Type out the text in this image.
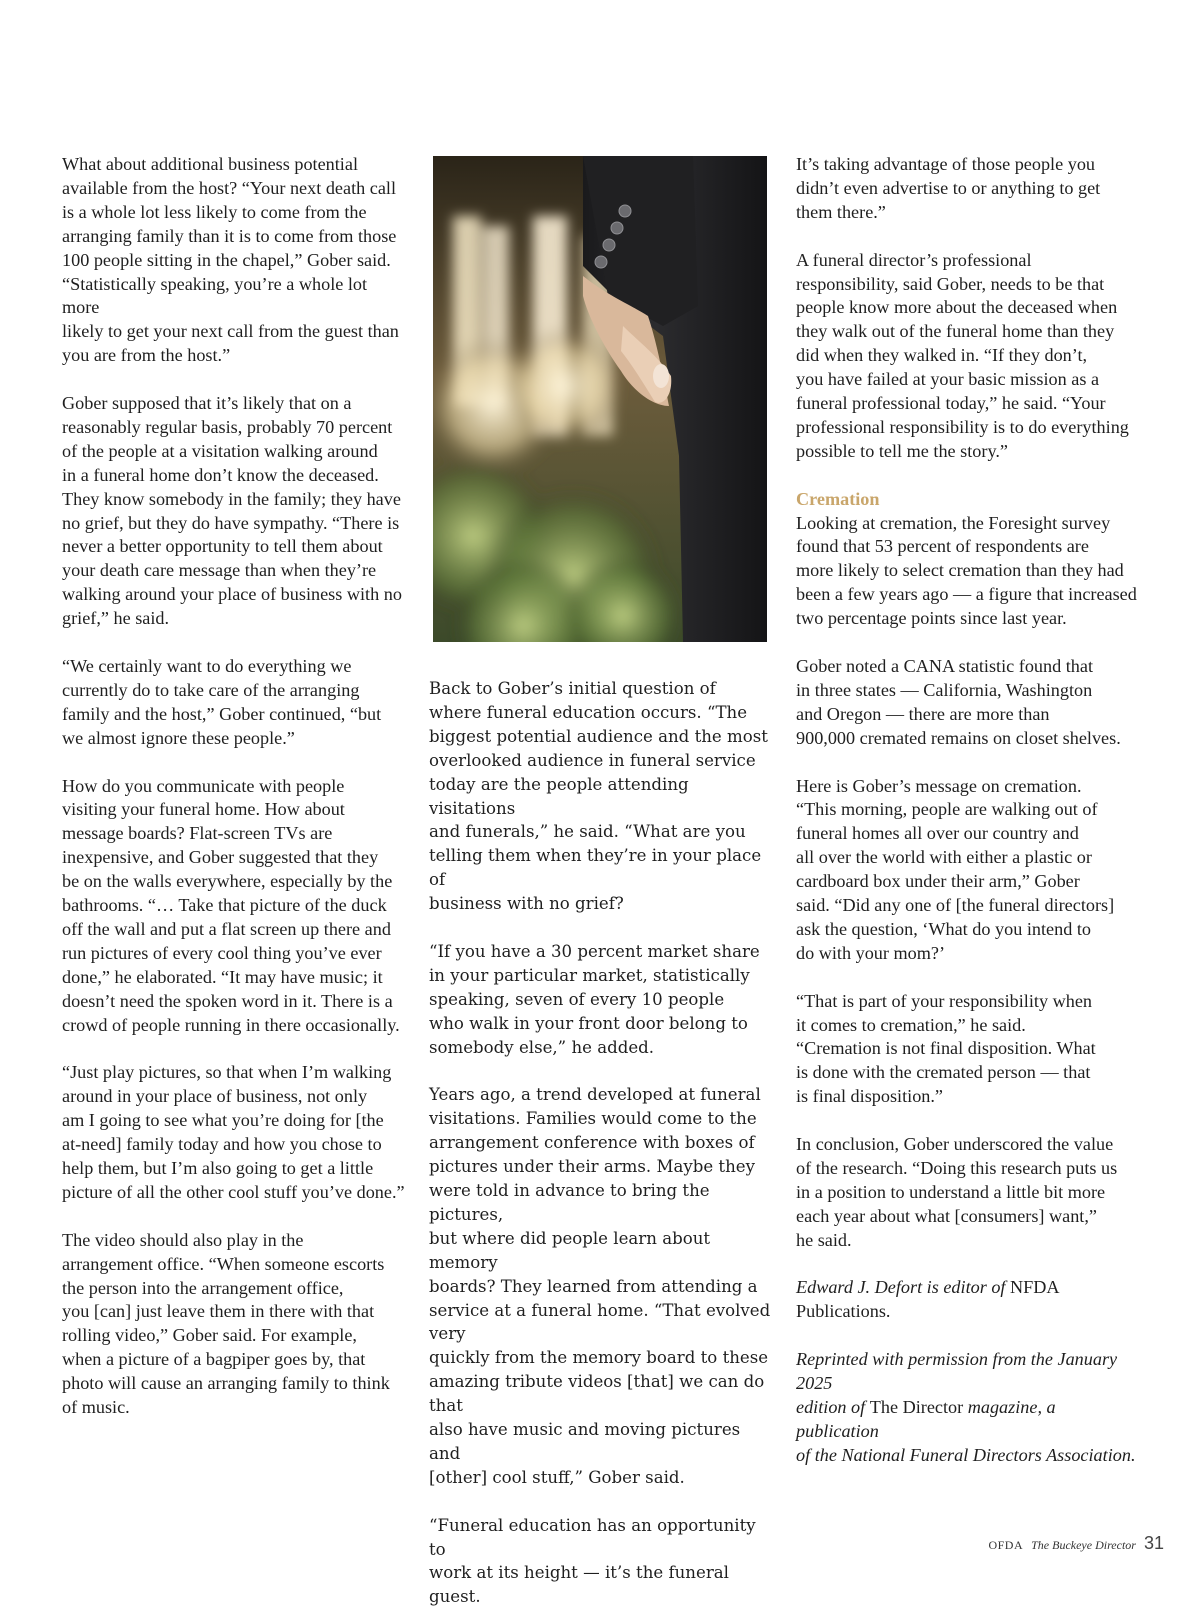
What about additional business potential
available from the host? “Your next death call
is a whole lot less likely to come from the
arranging family than it is to come from those
100 people sitting in the chapel,” Gober said.
“Statistically speaking, you’re a whole lot more
likely to get your next call from the guest than
you are from the host.”

Gober supposed that it’s likely that on a
reasonably regular basis, probably 70 percent
of the people at a visitation walking around
in a funeral home don’t know the deceased.
They know somebody in the family; they have
no grief, but they do have sympathy. “There is
never a better opportunity to tell them about
your death care message than when they’re
walking around your place of business with no
grief,” he said.

“We certainly want to do everything we
currently do to take care of the arranging
family and the host,” Gober continued, “but
we almost ignore these people.”

How do you communicate with people
visiting your funeral home. How about
message boards? Flat-screen TVs are
inexpensive, and Gober suggested that they
be on the walls everywhere, especially by the
bathrooms. “… Take that picture of the duck
off the wall and put a flat screen up there and
run pictures of every cool thing you’ve ever
done,” he elaborated. “It may have music; it
doesn’t need the spoken word in it. There is a
crowd of people running in there occasionally.

“Just play pictures, so that when I’m walking
around in your place of business, not only
am I going to see what you’re doing for [the
at-need] family today and how you chose to
help them, but I’m also going to get a little
picture of all the other cool stuff you’ve done.”

The video should also play in the
arrangement office. “When someone escorts
the person into the arrangement office,
you [can] just leave them in there with that
rolling video,” Gober said. For example,
when a picture of a bagpiper goes by, that
photo will cause an arranging family to think
of music.

Back to Gober’s initial question of
where funeral education occurs. “The
biggest potential audience and the most
overlooked audience in funeral service
today are the people attending visitations
and funerals,” he said. “What are you
telling them when they’re in your place of
business with no grief?

“If you have a 30 percent market share
in your particular market, statistically
speaking, seven of every 10 people
who walk in your front door belong to
somebody else,” he added.

Years ago, a trend developed at funeral
visitations. Families would come to the
arrangement conference with boxes of
pictures under their arms. Maybe they
were told in advance to bring the pictures,
but where did people learn about memory
boards? They learned from attending a
service at a funeral home. “That evolved very
quickly from the memory board to these
amazing tribute videos [that] we can do that
also have music and moving pictures and
[other] cool stuff,” Gober said.

“Funeral education has an opportunity to
work at its height — it’s the funeral guest.

It’s taking advantage of those people you
didn’t even advertise to or anything to get
them there.”

A funeral director’s professional
responsibility, said Gober, needs to be that
people know more about the deceased when
they walk out of the funeral home than they
did when they walked in. “If they don’t,
you have failed at your basic mission as a
funeral professional today,” he said. “Your
professional responsibility is to do everything
possible to tell me the story.”

Cremation

Looking at cremation, the Foresight survey
found that 53 percent of respondents are
more likely to select cremation than they had
been a few years ago — a figure that increased
two percentage points since last year.

Gober noted a CANA statistic found that
in three states — California, Washington
and Oregon — there are more than
900,000 cremated remains on closet shelves.

Here is Gober’s message on cremation.
“This morning, people are walking out of
funeral homes all over our country and
all over the world with either a plastic or
cardboard box under their arm,” Gober
said. “Did any one of [the funeral directors]
ask the question, ‘What do you intend to
do with your mom?’

“That is part of your responsibility when
it comes to cremation,” he said.
“Cremation is not final disposition. What
is done with the cremated person — that
is final disposition.”

In conclusion, Gober underscored the value
of the research. “Doing this research puts us
in a position to understand a little bit more
each year about what [consumers] want,”
he said.

Edward J. Defort is editor of NFDA Publications.

Reprinted with permission from the January 2025
edition of The Director magazine, a publication
of the National Funeral Directors Association.

OFDA The Buckeye Director 31
